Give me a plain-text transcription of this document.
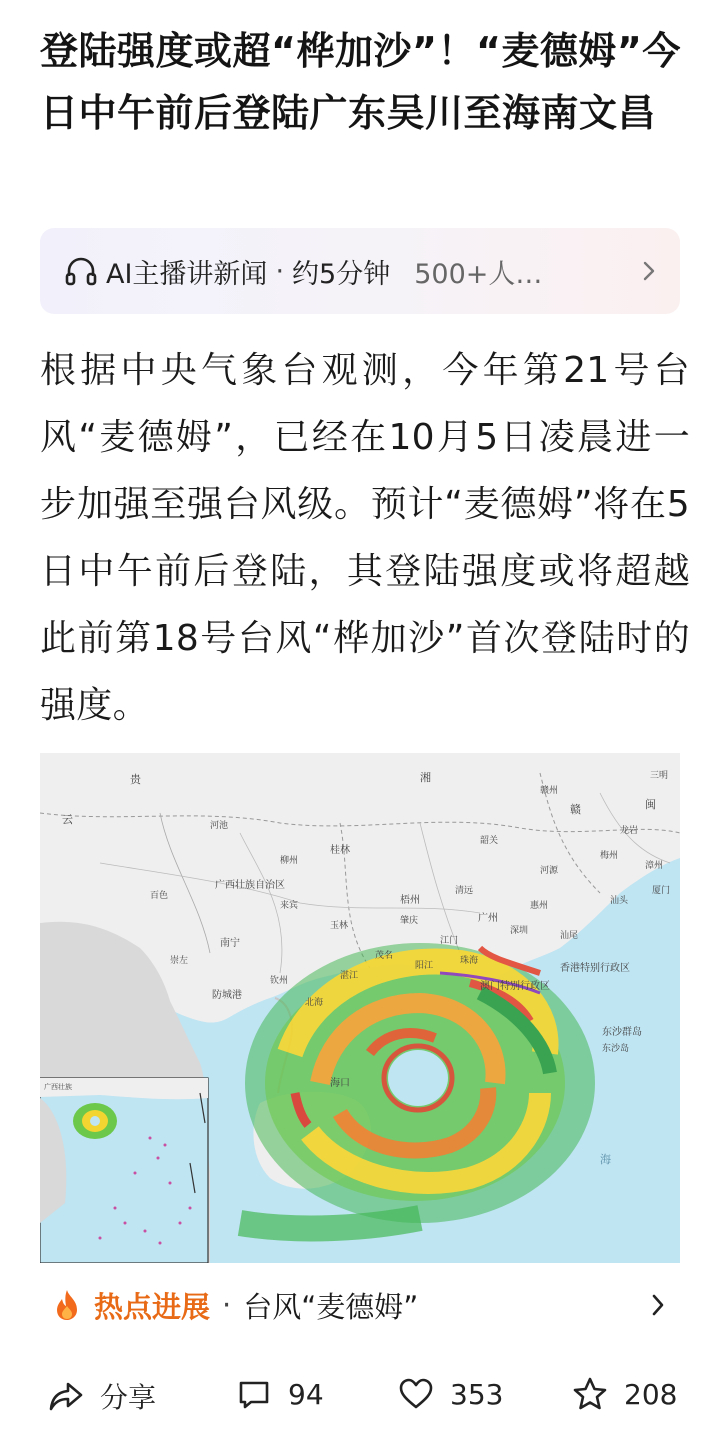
登陆强度或超“桦加沙”！“麦德姆”今日中午前后登陆广东吴川至海南文昌
AI主播讲新闻 · 约5分钟 500+人…
根据中央气象台观测，今年第21号台风“麦德姆”，已经在10月5日凌晨进一步加强至强台风级。预计“麦德姆”将在5日中午前后登陆，其登陆强度或将超越此前第18号台风“桦加沙”首次登陆时的强度。
广西壮族自治区
香港特别行政区
澳门特别行政区
东沙群岛
东沙岛
南宁
广州
海口
桂林
梧州
防城港
云
贵	湘
赣	闽
三明
漳州
汕头
汕尾
韶关
清远
肇庆
玉林
百色
河池
柳州
来宾
崇左
钦州
北海
湛江
茂名
阳江
江门
珠海
深圳
惠州
梅州
河源
赣州
龙岩
厦门
海
广西壮族
热点进展 · 台风“麦德姆”
分享	94	353	208
